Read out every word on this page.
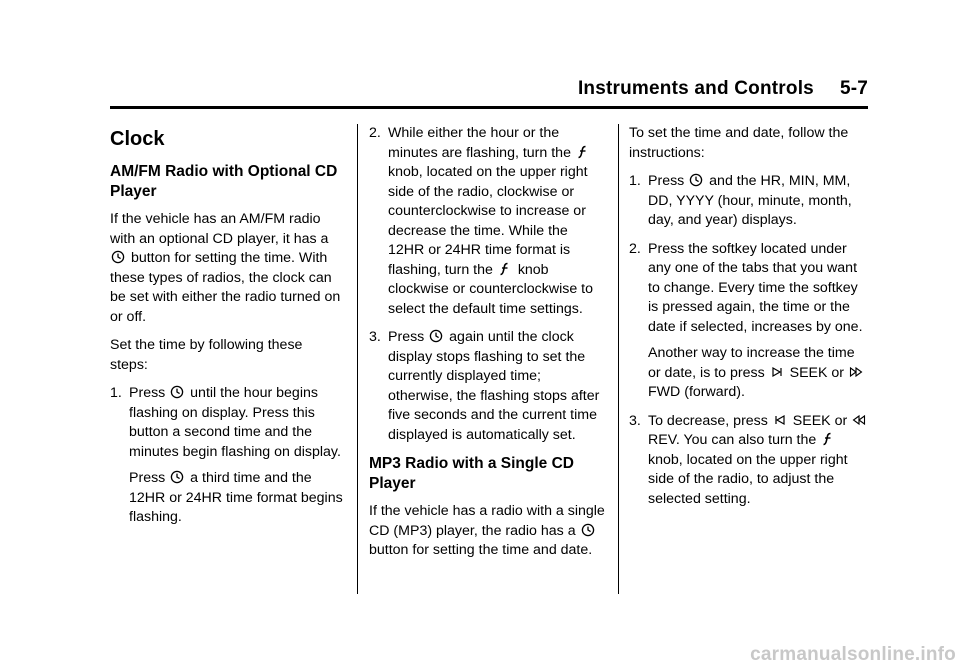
Instruments and Controls 5-7
Clock
AM/FM Radio with Optional CD Player

If the vehicle has an AM/FM radio with an optional CD player, it has a
button for setting the time. With these types of radios, the clock can be set with either the radio turned on or off.

Set the time by following these steps:

1. Press until the hour begins flashing on display. Press this button a second time and the minutes begin flashing on display.

Press a third time and the 12HR or 24HR time format begins flashing.

2. While either the hour or the minutes are flashing, turn the
knob, located on the upper right side of the radio, clockwise or counterclockwise to increase or decrease the time. While the 12HR or 24HR time format is flashing, turn the knob clockwise or counterclockwise to select the default time settings.

3. Press again until the clock display stops flashing to set the currently displayed time; otherwise, the flashing stops after five seconds and the current time displayed is automatically set.

MP3 Radio with a Single CD Player

If the vehicle has a radio with a single CD (MP3) player, the radio has a
button for setting the time and date.

To set the time and date, follow the instructions:

1. Press and the HR, MIN, MM, DD, YYYY (hour, minute, month, day, and year) displays.

2. Press the softkey located under any one of the tabs that you want to change. Every time the softkey is pressed again, the time or the date if selected, increases by one.

Another way to increase the time or date, is to press SEEK or
FWD (forward).

3. To decrease, press SEEK or
REV. You can also turn the
knob, located on the upper right side of the radio, to adjust the selected setting.

carmanualsonline.info
